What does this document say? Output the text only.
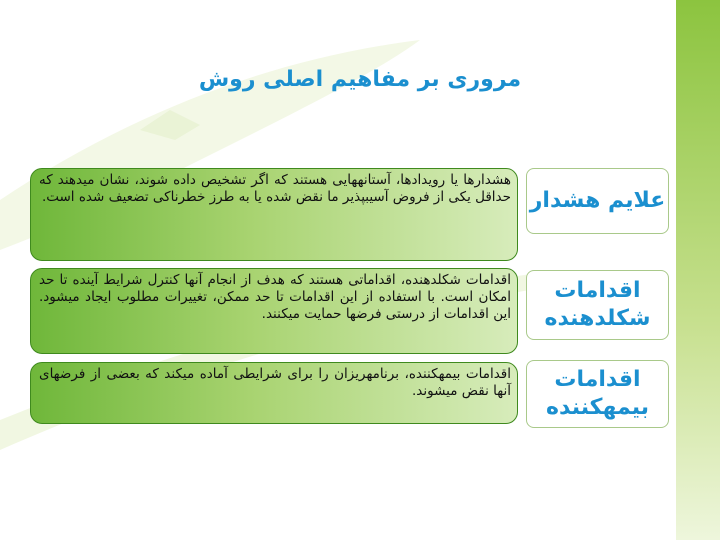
مروری بر مفاهیم اصلی روش
علایم هشدار
هشدارها یا رویدادها، آستانههایی هستند که اگر تشخیص داده شوند، نشان میدهند که حداقل یکی از فروض آسیبپذیر ما نقض شده یا به طرز خطرناکی تضعیف شده است.
اقدامات شکلدهنده
اقدامات شکلدهنده، اقداماتی هستند که هدف از انجام آنها کنترل شرایط آینده تا حد امکان است. با استفاده از این اقدامات تا حد ممکن، تغییرات مطلوب ایجاد میشود. این اقدامات از درستی فرضها حمایت میکنند.
اقدامات بیمهکننده
اقدامات بیمهکننده، برنامهریزان را برای شرایطی آماده میکند که بعضی از فرضهای آنها نقض میشوند.
